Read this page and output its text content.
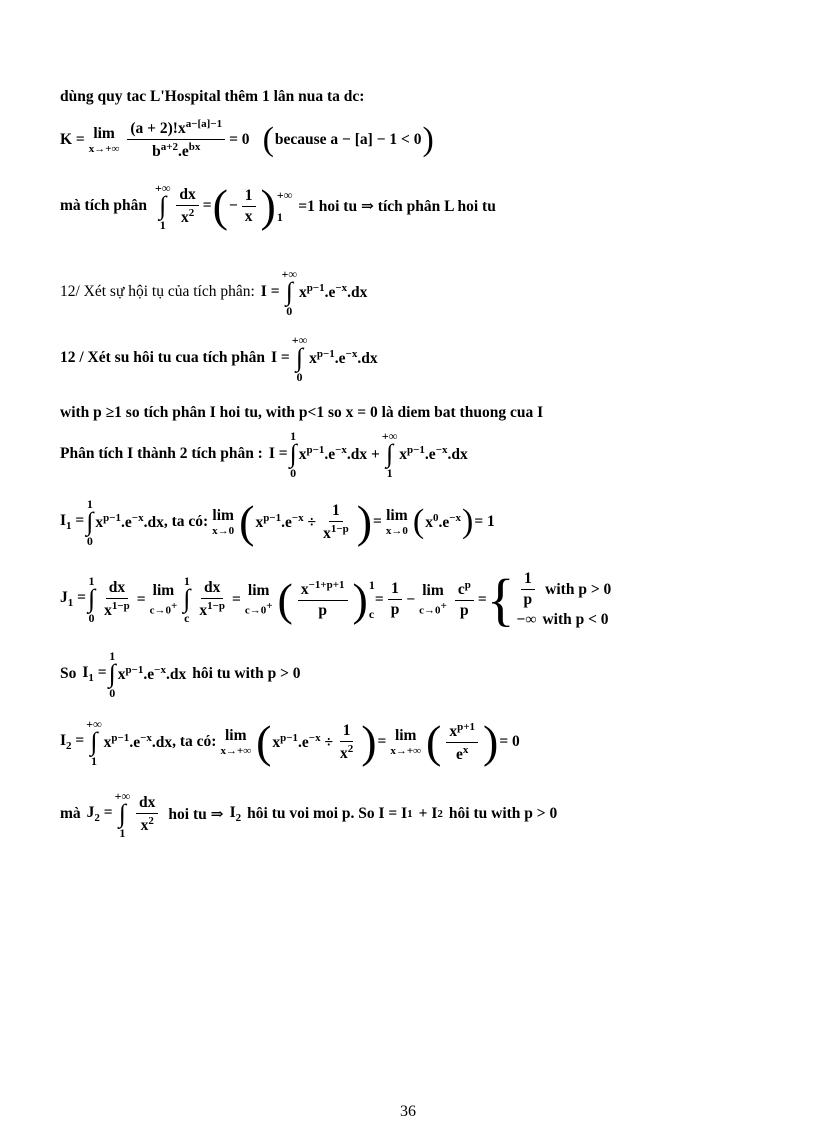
dùng quy tac L'Hospital thêm 1 lân nua ta dc:
K = lim
$x\to+\infty \frac{(a + 2)!x^{a-[a]-1}}{b^{a+2}.e^{bx}} = 0$ ( because a − [a] − 1 < 0 )
mà tích phân
+∞
∫
$1 \frac{dx}{x^2}$ = ( − $\frac{1}{x}$ ) +∞
1
=1 hoi tu ⇒ tích phân L hoi tu
12/ Xét sự hội tụ của tích phân: I =
+∞
∫
0
$x^{p-1}.e^{-x}.dx$
12 / Xét su hôi tu cua tích phân I =
+∞
∫
0
$x^{p-1}.e^{-x}.dx$
with p ≥1 so tích phân I hoi tu, with p<1 so x = 0 là diem bat thuong cua I
Phân tích I thành 2 tích phân : I =
1
∫
0
$x^{p-1}.e^{-x}.dx$ +
+∞
∫
1
$x^{p-1}.e^{-x}.dx$
$I_1$ =
1
∫
0
$x^{p-1}.e^{-x}.dx$ , ta có: lim
x→0 ( $x^{p-1}.e^{-x} \div \frac{1}{x^{1-p}}$ ) = lim
x→0 ( $x^0.e^{-x}$ ) = 1
$J_1$ =
1
∫
$0 \frac{dx}{x^{1-p}} = \lim$
c→0+
1
∫
c $\frac{dx}{x^{1-p}} = \lim$
c→0+ ( $\frac{x^{-1+p+1}}{p}$ ) 1
c
= $\frac{1}{p} - \lim$
$c\to 0^+ \frac{c^p}{p}$ = { $\frac{1}{p}$ with p > 0
−∞ with p < 0
So $I_1$ =
1
∫
0
$x^{p-1}.e^{-x}.dx$ hôi tu with p > 0
$I_2$ =
+∞
∫
1
$x^{p-1}.e^{-x}.dx$ , ta có: lim
x→+∞ ( $x^{p-1}.e^{-x} \div \frac{1}{x^2}$ ) = lim
x→+∞ ( $\frac{x^{p+1}}{e^x}$ ) = 0
mà $J_2$ =
+∞
∫
$1 \frac{dx}{x^2}$ hoi tu ⇒ $I_2$ hôi tu voi moi p. So I = I 1 + I 2 hôi tu with p > 0
36
